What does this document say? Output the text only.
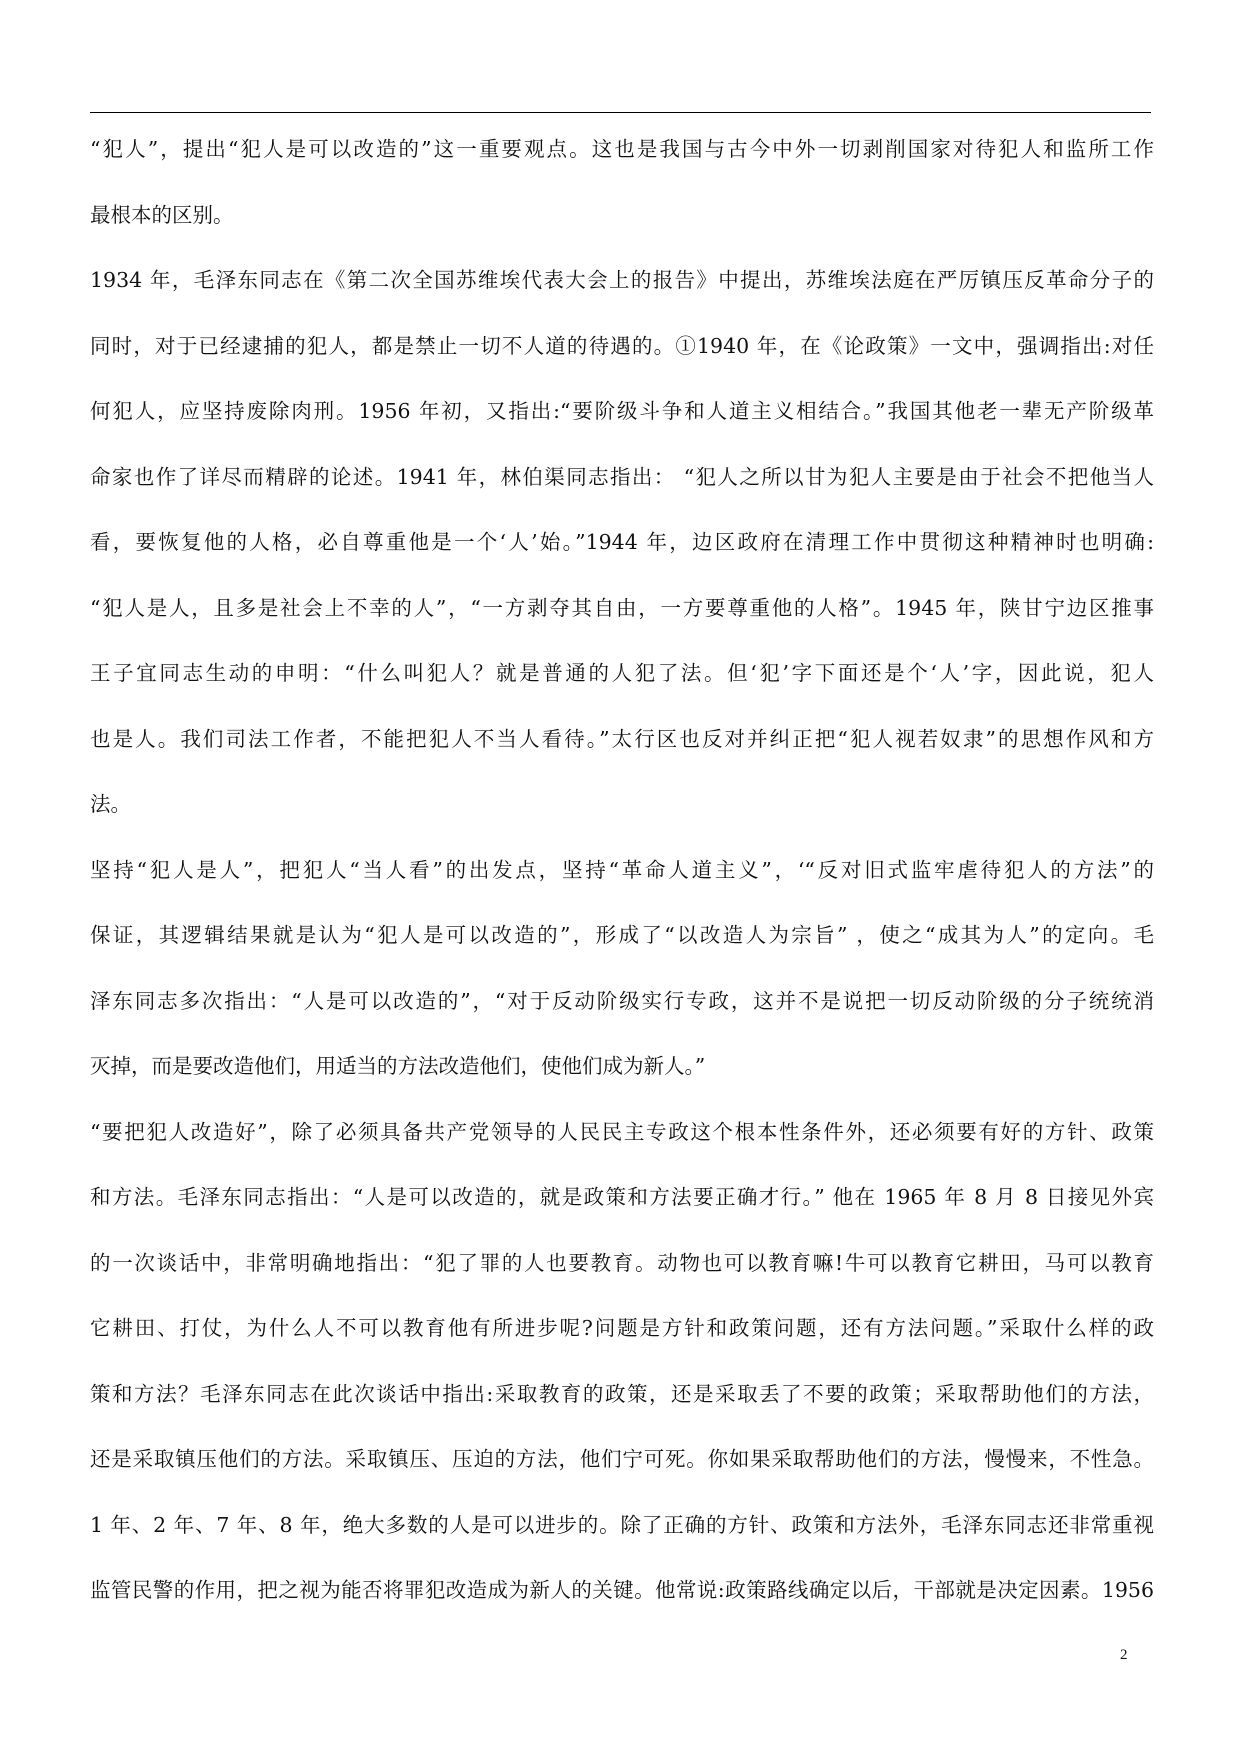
“犯人”，提出“犯人是可以改造的”这一重要观点。这也是我国与古今中外一切剥削国家对待犯人和监所工作
最根本的区别。
1934 年，毛泽东同志在《第二次全国苏维埃代表大会上的报告》中提出，苏维埃法庭在严厉镇压反革命分子的
同时，对于已经逮捕的犯人，都是禁止一切不人道的待遇的。①1940 年，在《论政策》一文中，强调指出:对任
何犯人，应坚持废除肉刑。1956 年初，又指出:“要阶级斗争和人道主义相结合。”我国其他老一辈无产阶级革
命家也作了详尽而精辟的论述。1941 年，林伯渠同志指出： “犯人之所以甘为犯人主要是由于社会不把他当人
看，要恢复他的人格，必自尊重他是一个‘人’始。”1944 年，边区政府在清理工作中贯彻这种精神时也明确:
“犯人是人，且多是社会上不幸的人”，“一方剥夺其自由，一方要尊重他的人格”。1945 年，陕甘宁边区推事
王子宜同志生动的申明：“什么叫犯人？就是普通的人犯了法。但‘犯’字下面还是个‘人’字，因此说，犯人
也是人。我们司法工作者，不能把犯人不当人看待。”太行区也反对并纠正把“犯人视若奴隶”的思想作风和方
法。
坚持“犯人是人”，把犯人“当人看”的出发点，坚持“革命人道主义”，‘“反对旧式监牢虐待犯人的方法”的
保证，其逻辑结果就是认为“犯人是可以改造的”，形成了“以改造人为宗旨” ，使之“成其为人”的定向。毛
泽东同志多次指出：“人是可以改造的”，“对于反动阶级实行专政，这并不是说把一切反动阶级的分子统统消
灭掉，而是要改造他们，用适当的方法改造他们，使他们成为新人。”
“要把犯人改造好”，除了必须具备共产党领导的人民民主专政这个根本性条件外，还必须要有好的方针、政策
和方法。毛泽东同志指出：“人是可以改造的，就是政策和方法要正确才行。” 他在 1965 年 8 月 8 日接见外宾
的一次谈话中，非常明确地指出：“犯了罪的人也要教育。动物也可以教育嘛!牛可以教育它耕田，马可以教育
它耕田、打仗，为什么人不可以教育他有所进步呢?问题是方针和政策问题，还有方法问题。”采取什么样的政
策和方法？毛泽东同志在此次谈话中指出:采取教育的政策，还是采取丢了不要的政策；采取帮助他们的方法，
还是采取镇压他们的方法。采取镇压、压迫的方法，他们宁可死。你如果采取帮助他们的方法，慢慢来，不性急。
1 年、2 年、7 年、8 年，绝大多数的人是可以进步的。除了正确的方针、政策和方法外，毛泽东同志还非常重视
监管民警的作用，把之视为能否将罪犯改造成为新人的关键。他常说:政策路线确定以后，干部就是决定因素。1956
2
